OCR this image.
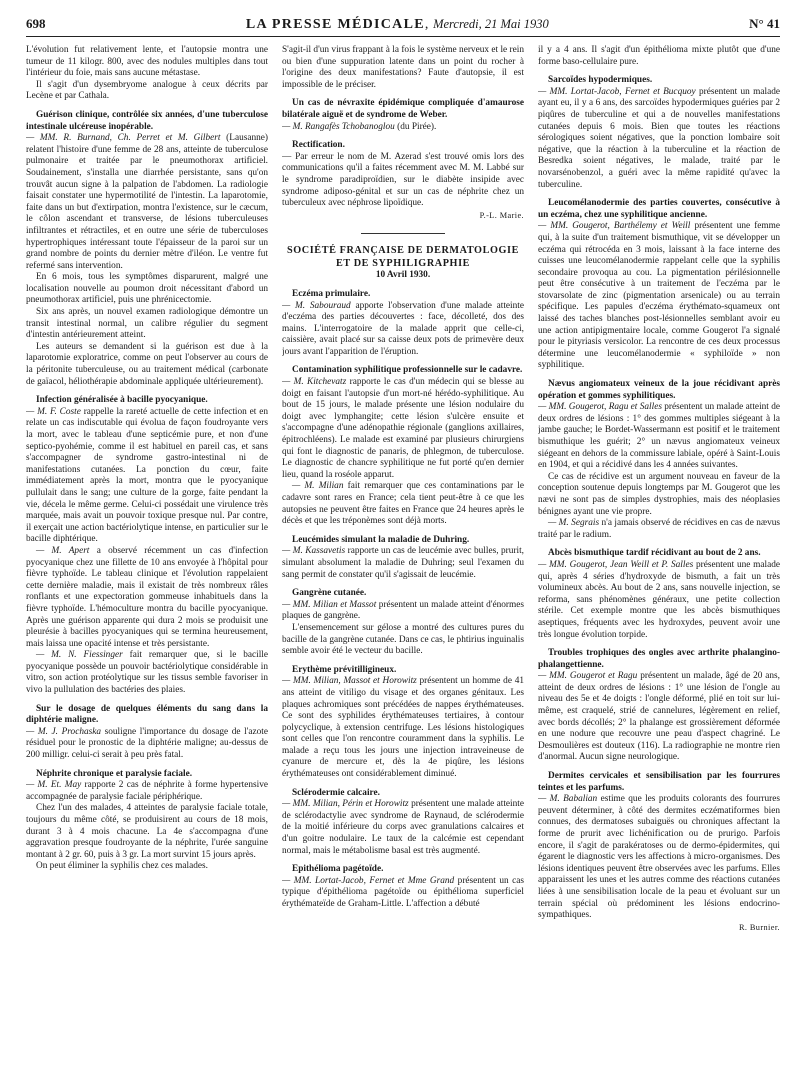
698	LA PRESSE MÉDICALE, Mercredi, 21 Mai 1930	N° 41

L'évolution fut relativement lente, et l'autopsie montra une tumeur de 11 kilogr. 800, avec des nodules multiples dans tout l'intérieur du foie, mais sans aucune métastase.

Il s'agit d'un dysembryome analogue à ceux décrits par Lecène et par Cathala.

Guérison clinique, contrôlée six années, d'une tuberculose intestinale ulcéreuse inopérable.
— MM. R. Burnand, Ch. Perret et M. Gilbert (Lausanne) relatent l'histoire d'une femme de 28 ans, atteinte de tuberculose pulmonaire et traitée par le pneumothorax artificiel. Soudainement, s'installa une diarrhée persistante, sans qu'on trouvât aucun signe à la palpation de l'abdomen. La radiologie faisait constater une hypermotilité de l'intestin. La laparotomie, faite dans un but d'extirpation, montra l'existence, sur le cæcum, le côlon ascendant et transverse, de lésions tuberculeuses infiltrantes et rétractiles, et en outre une série de tuberculoses hypertrophiques intéressant toute l'épaisseur de la paroi sur un grand nombre de points du dernier mètre d'iléon. Le ventre fut refermé sans intervention.

En 6 mois, tous les symptômes disparurent, malgré une localisation nouvelle au poumon droit nécessitant d'abord un pneumothorax artificiel, puis une phrénicectomie.

Six ans après, un nouvel examen radiologique démontre un transit intestinal normal, un calibre régulier du segment d'intestin antérieurement atteint.

Les auteurs se demandent si la guérison est due à la laparotomie exploratrice, comme on peut l'observer au cours de la péritonite tuberculeuse, ou au traitement médical (carbonate de gaïacol, héliothérapie abdominale appliquée ultérieurement).

Infection généralisée à bacille pyocyanique.
— M. F. Coste rappelle la rareté actuelle de cette infection et en relate un cas indiscutable qui évolua de façon foudroyante vers la mort, avec le tableau d'une septicémie pure, et non d'une septico-pyohémie, comme il est habituel en pareil cas, et sans s'accompagner de syndrome gastro-intestinal ni de manifestations cutanées. La ponction du cœur, faite immédiatement après la mort, montra que le pyocyanique pullulait dans le sang; une culture de la gorge, faite pendant la vie, décela le même germe. Celui-ci possédait une virulence très marquée, mais avait un pouvoir toxique presque nul. Par contre, il exerçait une action bactériolytique intense, en particulier sur le bacille diphtérique.

— M. Apert a observé récemment un cas d'infection pyocyanique chez une fillette de 10 ans envoyée à l'hôpital pour fièvre typhoïde. Le tableau clinique et l'évolution rappelaient cette dernière maladie, mais il existait de très nombreux râles ronflants et une expectoration gommeuse inhabituels dans la fièvre typhoïde. L'hémoculture montra du bacille pyocyanique. Après une guérison apparente qui dura 2 mois se produisit une pleurésie à bacilles pyocyaniques qui se termina heureusement, mais laissa une opacité intense et très persistante.

— M. N. Fiessinger fait remarquer que, si le bacille pyocyanique possède un pouvoir bactériolytique considérable in vitro, son action protéolytique sur les tissus semble favoriser in vivo la pullulation des bactéries des plaies.

Sur le dosage de quelques éléments du sang dans la diphtérie maligne.
— M. J. Prochaska souligne l'importance du dosage de l'azote résiduel pour le pronostic de la diphtérie maligne; au-dessus de 200 milligr. celui-ci serait à peu près fatal.

Néphrite chronique et paralysie faciale.
— M. Et. May rapporte 2 cas de néphrite à forme hypertensive accompagnée de paralysie faciale périphérique.

Chez l'un des malades, 4 atteintes de paralysie faciale totale, toujours du même côté, se produisirent au cours de 18 mois, durant 3 à 4 mois chacune. La 4e s'accompagna d'une aggravation presque foudroyante de la néphrite, l'urée sanguine montant à 2 gr. 60, puis à 3 gr. La mort survint 15 jours après.

On peut éliminer la syphilis chez ces malades.

S'agit-il d'un virus frappant à la fois le système nerveux et le rein ou bien d'une suppuration latente dans un point du rocher à l'origine des deux manifestations? Faute d'autopsie, il est impossible de le préciser.

Un cas de névraxite épidémique compliquée d'amaurose bilatérale aiguë et de syndrome de Weber.
— M. Rangafès Tchobanoglou (du Pirée).

Rectification.
— Par erreur le nom de M. Azerad s'est trouvé omis lors des communications qu'il a faites récemment avec M. M. Labbé sur le syndrome paradiproïdien, sur le diabète insipide avec syndrome adiposo-génital et sur un cas de néphrite chez un tuberculeux avec néphrose lipoïdique.

P.-L. Marie.

SOCIÉTÉ FRANÇAISE DE DERMATOLOGIE ET DE SYPHILIGRAPHIE

10 Avril 1930.

Eczéma primulaire.
— M. Sabouraud apporte l'observation d'une malade atteinte d'eczéma des parties découvertes : face, décolleté, dos des mains. L'interrogatoire de la malade apprit que celle-ci, caissière, avait placé sur sa caisse deux pots de primevère deux jours avant l'apparition de l'éruption.

Contamination syphilitique professionnelle sur le cadavre.
— M. Kitchevatz rapporte le cas d'un médecin qui se blesse au doigt en faisant l'autopsie d'un mort-né hérédo-syphilitique. Au bout de 15 jours, le malade présente une lésion nodulaire du doigt avec lymphangite; cette lésion s'ulcère ensuite et s'accompagne d'une adénopathie régionale (ganglions axillaires, épitrochléens). Le malade est examiné par plusieurs chirurgiens qui font le diagnostic de panaris, de phlegmon, de tuberculose. Le diagnostic de chancre syphilitique ne fut porté qu'en dernier lieu, quand la roséole apparut.

— M. Milian fait remarquer que ces contaminations par le cadavre sont rares en France; cela tient peut-être à ce que les autopsies ne peuvent être faites en France que 24 heures après le décès et que les tréponèmes sont déjà morts.

Leucémides simulant la maladie de Duhring.
— M. Kassavetis rapporte un cas de leucémie avec bulles, prurit, simulant absolument la maladie de Duhring; seul l'examen du sang permit de constater qu'il s'agissait de leucémie.

Gangrène cutanée.
— MM. Milian et Massot présentent un malade atteint d'énormes plaques de gangrène.

L'ensemencement sur gélose a montré des cultures pures du bacille de la gangrène cutanée. Dans ce cas, le phtirius inguinalis semble avoir été le vecteur du bacille.

Erythème prévitilligineux.
— MM. Milian, Massot et Horowitz présentent un homme de 41 ans atteint de vitiligo du visage et des organes génitaux. Les plaques achromiques sont précédées de nappes érythémateuses. Ce sont des syphilides érythémateuses tertiaires, à contour polycyclique, à extension centrifuge. Les lésions histologiques sont celles que l'on rencontre couramment dans la syphilis. Le malade a reçu tous les jours une injection intraveineuse de cyanure de mercure et, dès la 4e piqûre, les lésions érythémateuses ont considérablement diminué.

Sclérodermie calcaire.
— MM. Milian, Périn et Horowitz présentent une malade atteinte de sclérodactylie avec syndrome de Raynaud, de sclérodermie de la moitié inférieure du corps avec granulations calcaires et d'un goitre nodulaire. Le taux de la calcémie est cependant normal, mais le métabolisme basal est très augmenté.

Epithélioma pagétoïde.
— MM. Lortat-Jacob, Fernet et Mme Grand présentent un cas typique d'épithélioma pagétoïde ou épithélioma superficiel érythémateïde de Graham-Little. L'affection a débuté

il y a 4 ans. Il s'agit d'un épithélioma mixte plutôt que d'une forme baso-cellulaire pure.

Sarcoïdes hypodermiques.
— MM. Lortat-Jacob, Fernet et Bucquoy présentent un malade ayant eu, il y a 6 ans, des sarcoïdes hypodermiques guéries par 2 piqûres de tuberculine et qui a de nouvelles manifestations cutanées depuis 6 mois. Bien que toutes les réactions sérologiques soient négatives, que la ponction lombaire soit négative, que la réaction à la tuberculine et la réaction de Besredka soient négatives, le malade, traité par le novarsénobenzol, a guéri avec la même rapidité qu'avec la tuberculine.

Leucomélanodermie des parties couvertes, consécutive à un eczéma, chez une syphilitique ancienne.
— MM. Gougerot, Barthélemy et Weill présentent une femme qui, à la suite d'un traitement bismuthique, vit se développer un eczéma qui rétrocéda en 3 mois, laissant à la face interne des cuisses une leucomélanodermie rappelant celle que la syphilis secondaire provoqua au cou. La pigmentation périlésionnelle peut être consécutive à un traitement de l'eczéma par le stovarsolate de zinc (pigmentation arsenicale) ou au terrain spécifique. Les papules d'eczéma érythémato-squameux ont laissé des taches blanches post-lésionnelles semblant avoir eu une action antipigmentaire locale, comme Gougerot l'a signalé pour le pityriasis versicolor. La rencontre de ces deux processus détermine une leucomélanodermie « syphiloïde » non syphilitique.

Nævus angiomateux veineux de la joue récidivant après opération et gommes syphilitiques.
— MM. Gougerot, Ragu et Salles présentent un malade atteint de deux ordres de lésions : 1° des gommes multiples siégeant à la jambe gauche; le Bordet-Wassermann est positif et le traitement bismuthique les guérit; 2° un nævus angiomateux veineux siégeant en dehors de la commissure labiale, opéré à Saint-Louis en 1904, et qui a récidivé dans les 4 années suivantes.

Ce cas de récidive est un argument nouveau en faveur de la conception soutenue depuis longtemps par M. Gougerot que les nævi ne sont pas de simples dystrophies, mais des néoplasies bénignes ayant une vie propre.

— M. Segrais n'a jamais observé de récidives en cas de nævus traité par le radium.

Abcès bismuthique tardif récidivant au bout de 2 ans.
— MM. Gougerot, Jean Weill et P. Salles présentent une malade qui, après 4 séries d'hydroxyde de bismuth, a fait un très volumineux abcès. Au bout de 2 ans, sans nouvelle injection, se reforma, sans phénomènes généraux, une petite collection stérile. Cet exemple montre que les abcès bismuthiques aseptiques, fréquents avec les hydroxydes, peuvent avoir une très longue évolution torpide.

Troubles trophiques des ongles avec arthrite phalangino-phalangettienne.
— MM. Gougerot et Ragu présentent un malade, âgé de 20 ans, atteint de deux ordres de lésions : 1° une lésion de l'ongle au niveau des 5e et 4e doigts : l'ongle déformé, plié en toit sur lui-même, est craquelé, strié de cannelures, légèrement en relief, avec bords décollés; 2° la phalange est grossièrement déformée en une nodure que recouvre une peau d'aspect chagriné. Le Desmoulières est douteux (116). La radiographie ne montre rien d'anormal. Aucun signe neurologique.

Dermites cervicales et sensibilisation par les fourrures teintes et les parfums.
— M. Babalian estime que les produits colorants des fourrures peuvent déterminer, à côté des dermites eczématiformes bien connues, des dermatoses subaiguës ou chroniques affectant la forme de prurit avec lichénification ou de prurigo. Parfois encore, il s'agit de parakératoses ou de dermo-épidermites, qui égarent le diagnostic vers les affections à micro-organismes. Des lésions identiques peuvent être observées avec les parfums. Elles apparaissent les unes et les autres comme des réactions cutanées liées à une sensibilisation locale de la peau et évoluant sur un terrain spécial où prédominent les lésions endocrino-sympathiques.

R. Burnier.
